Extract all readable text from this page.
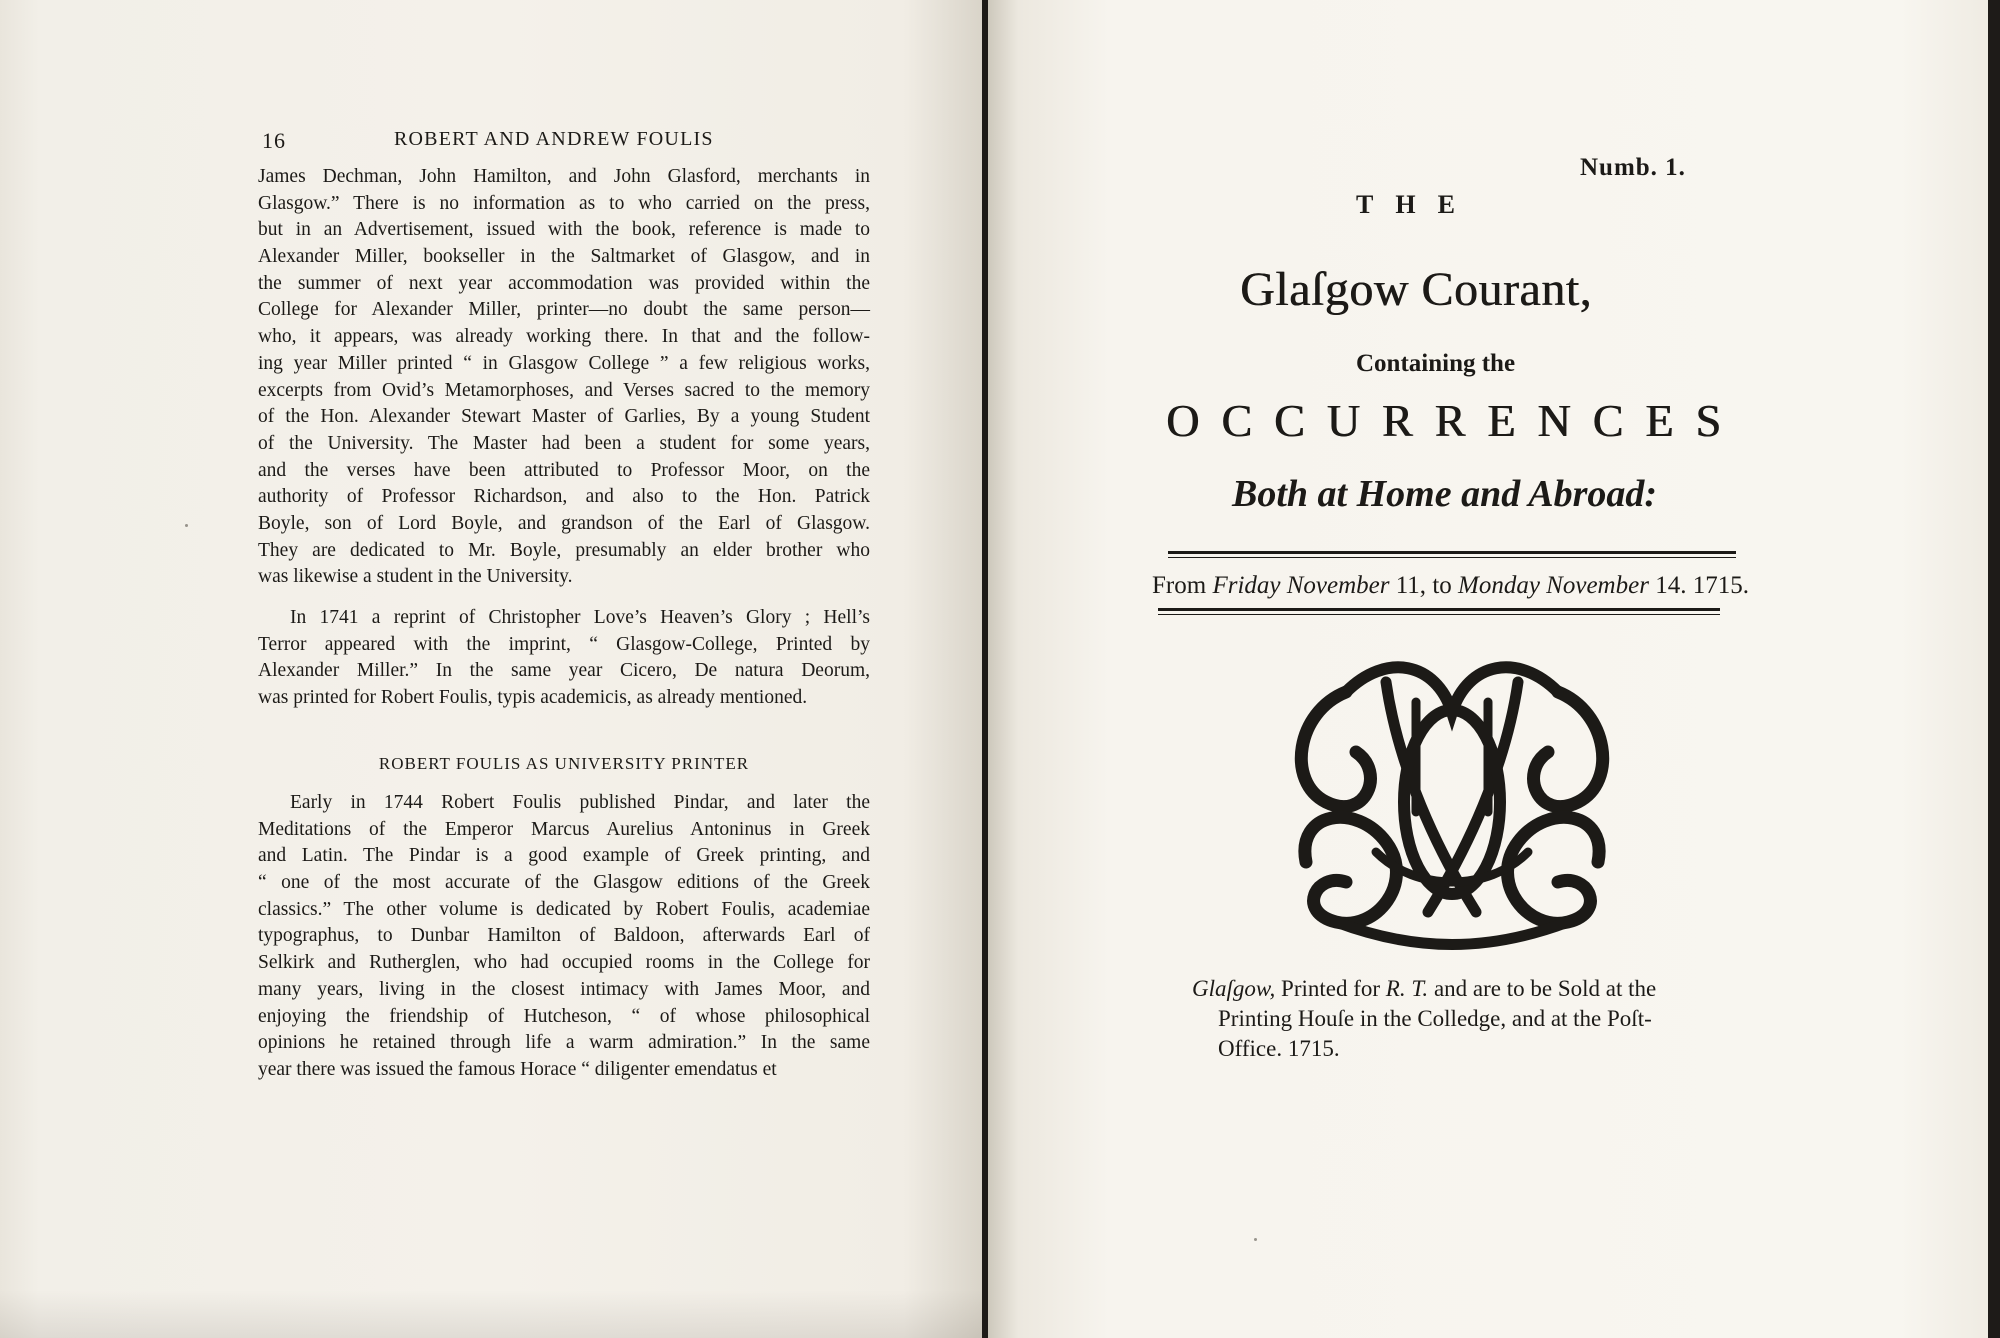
16	ROBERT AND ANDREW FOULIS
James Dechman, John Hamilton, and John Glasford, merchants in
Glasgow.” There is no information as to who carried on the press,
but in an Advertisement, issued with the book, reference is made to
Alexander Miller, bookseller in the Saltmarket of Glasgow, and in
the summer of next year accommodation was provided within the
College for Alexander Miller, printer—no doubt the same person—
who, it appears, was already working there. In that and the follow-
ing year Miller printed “ in Glasgow College ” a few religious works,
excerpts from Ovid’s Metamorphoses, and Verses sacred to the memory
of the Hon. Alexander Stewart Master of Garlies, By a young Student
of the University. The Master had been a student for some years,
and the verses have been attributed to Professor Moor, on the
authority of Professor Richardson, and also to the Hon. Patrick
Boyle, son of Lord Boyle, and grandson of the Earl of Glasgow.
They are dedicated to Mr. Boyle, presumably an elder brother who
was likewise a student in the University.
In 1741 a reprint of Christopher Love’s Heaven’s Glory ; Hell’s
Terror appeared with the imprint, “ Glasgow-College, Printed by
Alexander Miller.” In the same year Cicero, De natura Deorum,
was printed for Robert Foulis, typis academicis, as already mentioned.
ROBERT FOULIS AS UNIVERSITY PRINTER
Early in 1744 Robert Foulis published Pindar, and later the
Meditations of the Emperor Marcus Aurelius Antoninus in Greek
and Latin. The Pindar is a good example of Greek printing, and
“ one of the most accurate of the Glasgow editions of the Greek
classics.” The other volume is dedicated by Robert Foulis, academiae
typographus, to Dunbar Hamilton of Baldoon, afterwards Earl of
Selkirk and Rutherglen, who had occupied rooms in the College for
many years, living in the closest intimacy with James Moor, and
enjoying the friendship of Hutcheson, “ of whose philosophical
opinions he retained through life a warm admiration.” In the same
year there was issued the famous Horace “ diligenter emendatus et
Numb. 1.
THE
Glaſgow Courant,
Containing the
OCCURRENCES
Both at Home and Abroad:
From Friday November 11, to Monday November 14. 1715.
Glaſgow, Printed for R. T. and are to be Sold at the
Printing Houſe in the Colledge, and at the Poſt-
Office. 1715.
